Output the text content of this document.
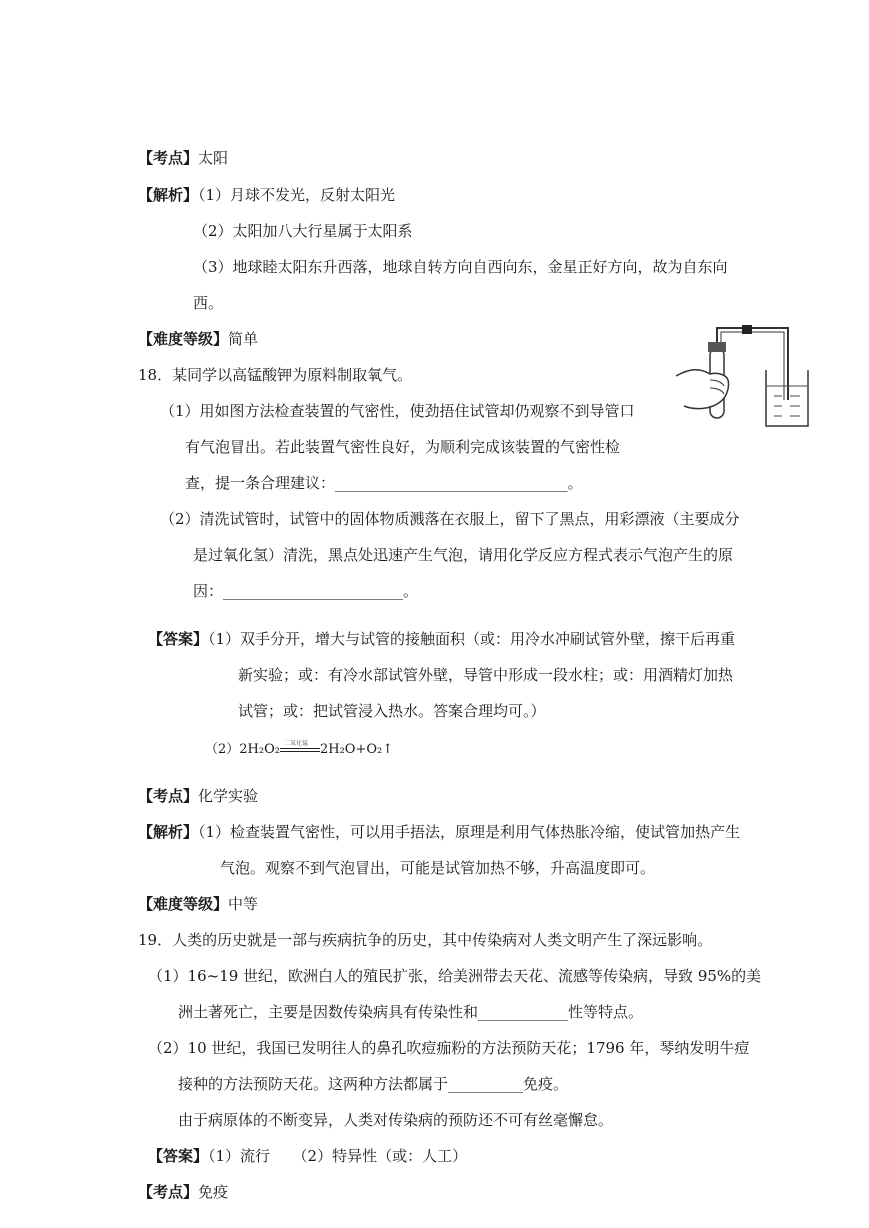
【考点】太阳
【解析】（1）月球不发光，反射太阳光
（2）太阳加八大行星属于太阳系
（3）地球睦太阳东升西落，地球自转方向自西向东，金星正好方向，故为自东向
西。
【难度等级】简单
18．某同学以高锰酸钾为原料制取氧气。
（1）用如图方法检查装置的气密性，使劲捂住试管却仍观察不到导管口
有气泡冒出。若此装置气密性良好，为顺利完成该装置的气密性检
查，提一条合理建议：_______________________________。
（2）清洗试管时，试管中的固体物质溅落在衣服上，留下了黑点，用彩漂液（主要成分
是过氧化氢）清洗，黑点处迅速产生气泡，请用化学反应方程式表示气泡产生的原
因：________________________。
【答案】（1）双手分开，增大与试管的接触面积（或：用冷水冲刷试管外壁，擦干后再重
新实验；或：有冷水部试管外壁，导管中形成一段水柱；或：用酒精灯加热
试管；或：把试管浸入热水。答案合理均可。）
（2）2H₂O₂ 二氧化锰 2H₂O+O₂↑
【考点】化学实验
【解析】（1）检查装置气密性，可以用手捂法，原理是利用气体热胀冷缩，使试管加热产生
气泡。观察不到气泡冒出，可能是试管加热不够，升高温度即可。
【难度等级】中等
19．人类的历史就是一部与疾病抗争的历史，其中传染病对人类文明产生了深远影响。
（1）16~19 世纪，欧洲白人的殖民扩张，给美洲带去天花、流感等传染病，导致 95%的美
洲土著死亡，主要是因数传染病具有传染性和____________性等特点。
（2）10 世纪，我国已发明往人的鼻孔吹痘痂粉的方法预防天花；1796 年，琴纳发明牛痘
接种的方法预防天花。这两种方法都属于__________免疫。
由于病原体的不断变异，人类对传染病的预防还不可有丝毫懈怠。
【答案】（1）流行　　（2）特异性（或：人工）
【考点】免疫
